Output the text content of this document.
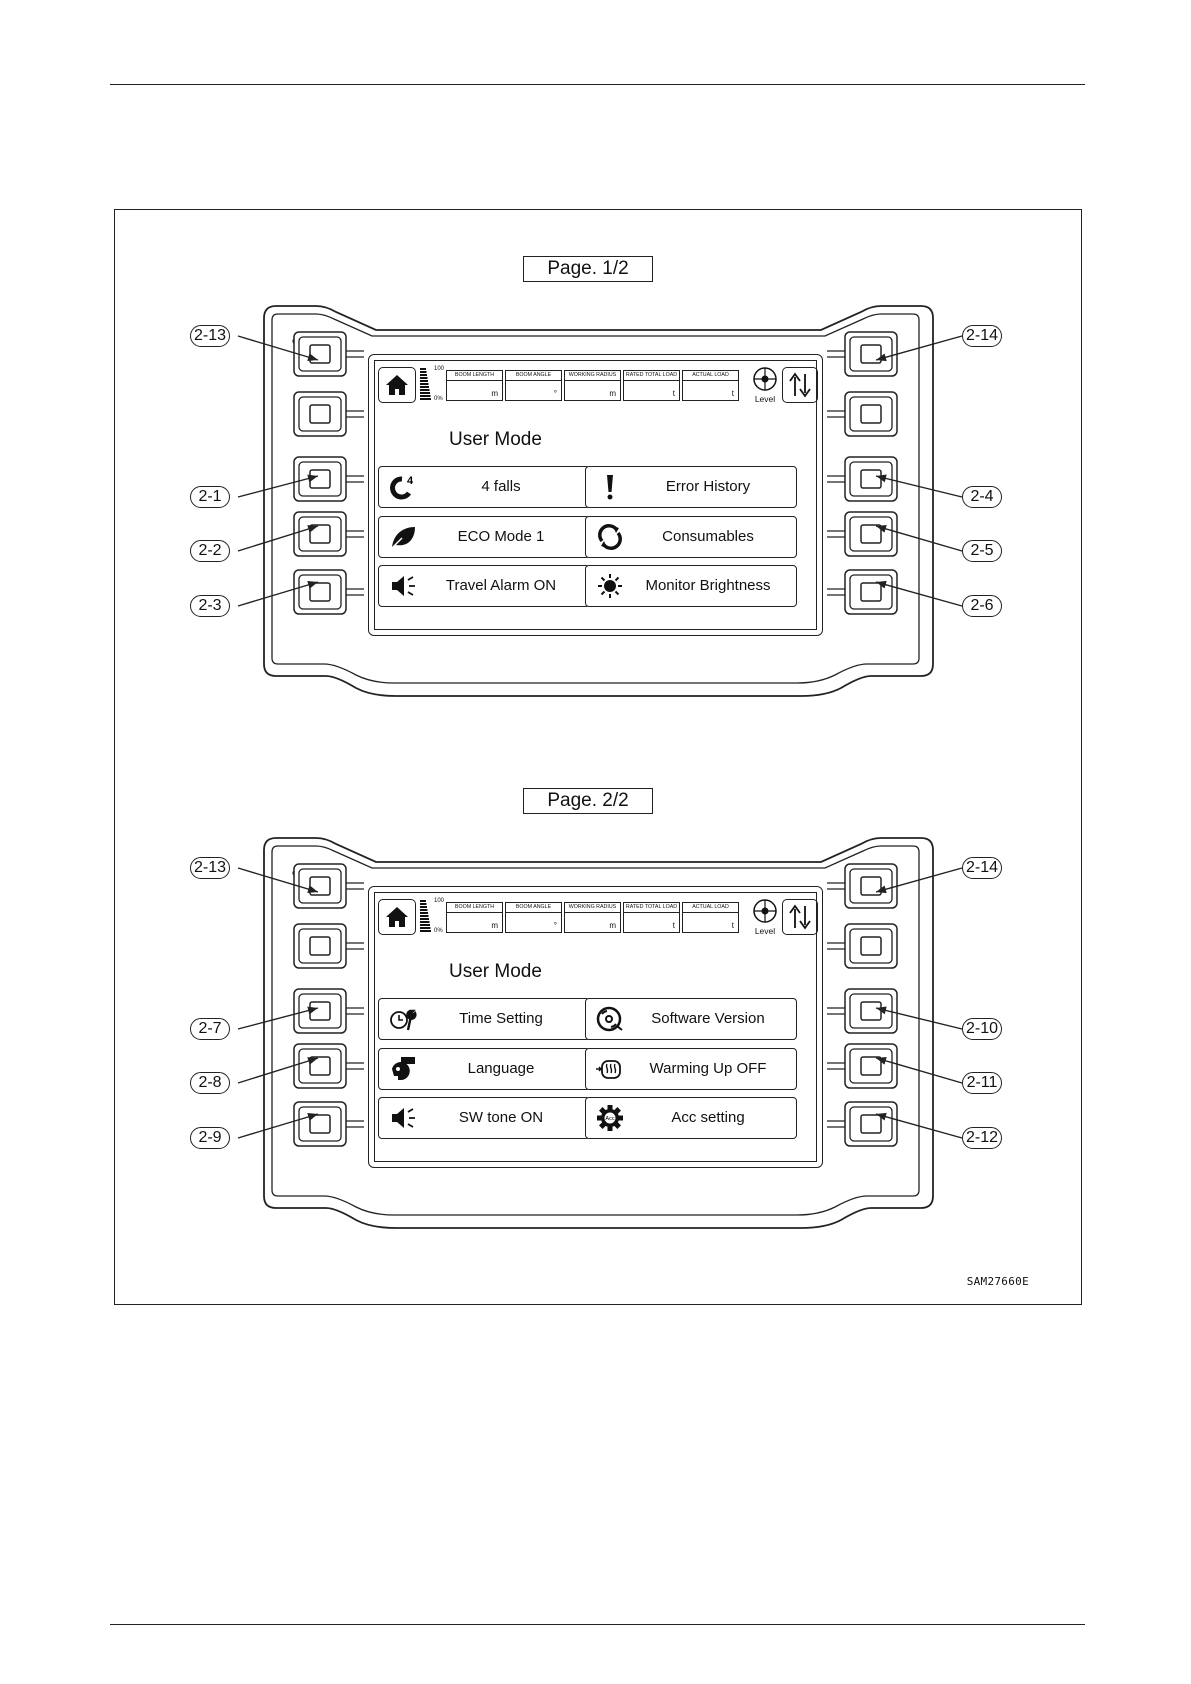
SAM27660E
Page. 1/2
100
0%
BOOM LENGTH
m
BOOM ANGLE
°
WORKING RADIUS
m
RATED TOTAL LOAD
t
ACTUAL LOAD
t
Level
User Mode
4	4 falls	Error History
ECO Mode 1	Consumables
Travel Alarm ON	Monitor Brightness
2-13
2-1
2-2
2-3
2-14
2-4
2-5
2-6
Page. 2/2
100
0%
BOOM LENGTH
m
BOOM ANGLE
°
WORKING RADIUS
m
RATED TOTAL LOAD
t
ACTUAL LOAD
t
Level
User Mode
Time Setting	Software Version
Language	Warming Up OFF
SW tone ON	Acc	Acc setting
2-13
2-7
2-8
2-9
2-14
2-10
2-11
2-12
